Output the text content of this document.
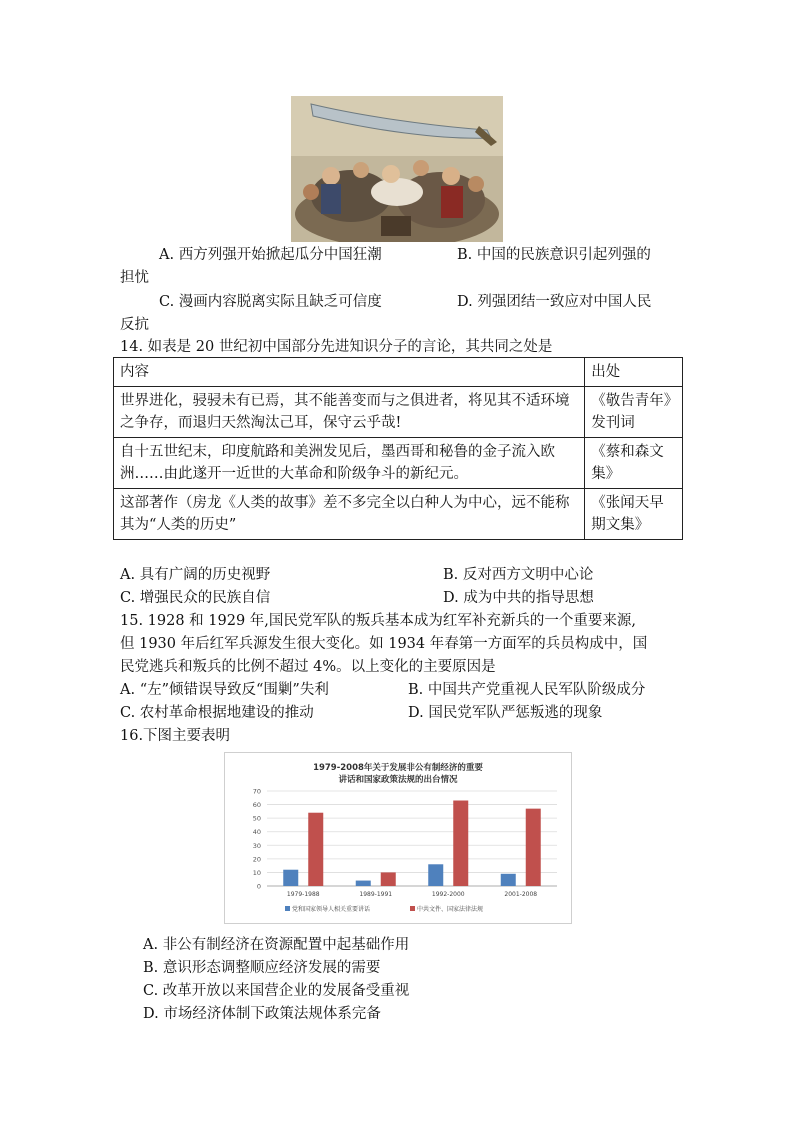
A. 西方列强开始掀起瓜分中国狂潮	B. 中国的民族意识引起列强的
担忧
C. 漫画内容脱离实际且缺乏可信度	D. 列强团结一致应对中国人民
反抗
14. 如表是 20 世纪初中国部分先进知识分子的言论，其共同之处是
内容	出处
世界进化，骎骎未有已焉，其不能善变而与之俱进者，将见其不适环境之争存，而退归天然淘汰己耳，保守云乎哉!	《敬告青年》发刊词
自十五世纪末，印度航路和美洲发见后，墨西哥和秘鲁的金子流入欧洲……由此遂开一近世的大革命和阶级争斗的新纪元。	《蔡和森文集》
这部著作（房龙《人类的故事》差不多完全以白种人为中心，远不能称其为“人类的历史”	《张闻天早期文集》
A. 具有广阔的历史视野	B. 反对西方文明中心论
C. 增强民众的民族自信	D. 成为中共的指导思想
15. 1928 和 1929 年,国民党军队的叛兵基本成为红军补充新兵的一个重要来源,
但 1930 年后红军兵源发生很大变化。如 1934 年春第一方面军的兵员构成中，国
民党逃兵和叛兵的比例不超过 4%。以上变化的主要原因是
A. “左”倾错误导致反“围剿”失利	B. 中国共产党重视人民军队阶级成分
C. 农村革命根据地建设的推动	D. 国民党军队严惩叛逃的现象
16.下图主要表明
1979-2008年关于发展非公有制经济的重要
讲话和国家政策法规的出台情况
0
10
20
30
40
50
60
70
1979-1988	1989-1991	1992-2000	2001-2008
党和国家领导人相关重要讲话	中共文件、国家法律法规
A. 非公有制经济在资源配置中起基础作用
B. 意识形态调整顺应经济发展的需要
C. 改革开放以来国营企业的发展备受重视
D. 市场经济体制下政策法规体系完备
